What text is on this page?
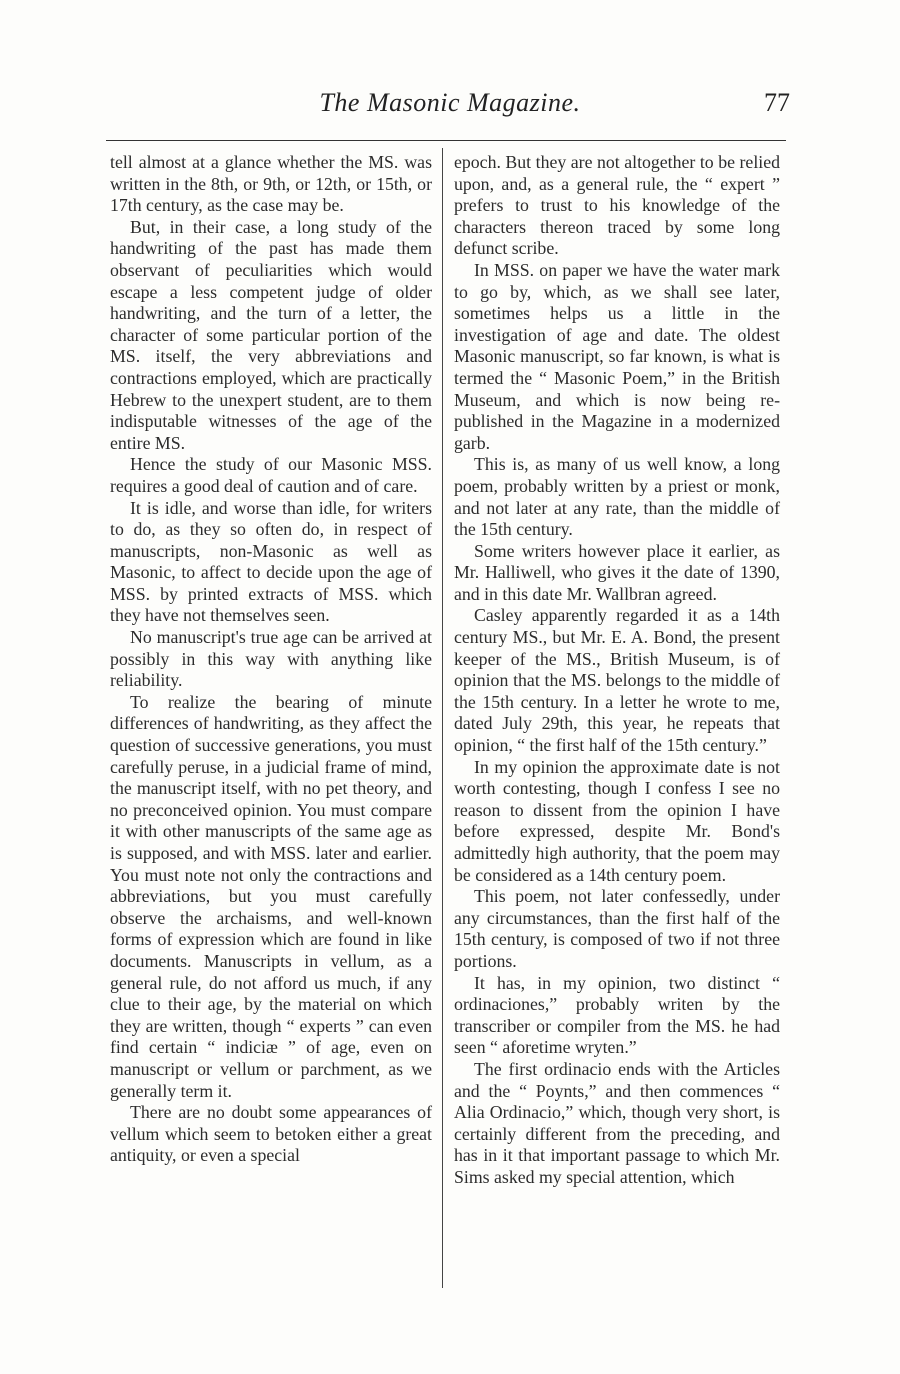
The Masonic Magazine.	77

tell almost at a glance whether the MS. was written in the 8th, or 9th, or 12th, or 15th, or 17th century, as the case may be.

But, in their case, a long study of the handwriting of the past has made them observant of peculiarities which would escape a less competent judge of older handwriting, and the turn of a letter, the character of some particular portion of the MS. itself, the very abbreviations and contractions employed, which are practically Hebrew to the unexpert student, are to them indisputable witnesses of the age of the entire MS.

Hence the study of our Masonic MSS. requires a good deal of caution and of care.

It is idle, and worse than idle, for writers to do, as they so often do, in respect of manuscripts, non-Masonic as well as Masonic, to affect to decide upon the age of MSS. by printed extracts of MSS. which they have not themselves seen.

No manuscript's true age can be arrived at possibly in this way with anything like reliability.

To realize the bearing of minute differences of handwriting, as they affect the question of successive generations, you must carefully peruse, in a judicial frame of mind, the manuscript itself, with no pet theory, and no preconceived opinion. You must compare it with other manuscripts of the same age as is supposed, and with MSS. later and earlier. You must note not only the contractions and abbreviations, but you must carefully observe the archaisms, and well-known forms of expression which are found in like documents. Manuscripts in vellum, as a general rule, do not afford us much, if any clue to their age, by the material on which they are written, though “ experts ” can even find certain “ indiciæ ” of age, even on manuscript or vellum or parchment, as we generally term it.

There are no doubt some appearances of vellum which seem to betoken either a great antiquity, or even a special

epoch. But they are not altogether to be relied upon, and, as a general rule, the “ expert ” prefers to trust to his knowledge of the characters thereon traced by some long defunct scribe.

In MSS. on paper we have the water mark to go by, which, as we shall see later, sometimes helps us a little in the investigation of age and date. The oldest Masonic manuscript, so far known, is what is termed the “ Masonic Poem,” in the British Museum, and which is now being re-published in the Magazine in a modernized garb.

This is, as many of us well know, a long poem, probably written by a priest or monk, and not later at any rate, than the middle of the 15th century.

Some writers however place it earlier, as Mr. Halliwell, who gives it the date of 1390, and in this date Mr. Wallbran agreed.

Casley apparently regarded it as a 14th century MS., but Mr. E. A. Bond, the present keeper of the MS., British Museum, is of opinion that the MS. belongs to the middle of the 15th century. In a letter he wrote to me, dated July 29th, this year, he repeats that opinion, “ the first half of the 15th century.”

In my opinion the approximate date is not worth contesting, though I confess I see no reason to dissent from the opinion I have before expressed, despite Mr. Bond's admittedly high authority, that the poem may be considered as a 14th century poem.

This poem, not later confessedly, under any circumstances, than the first half of the 15th century, is composed of two if not three portions.

It has, in my opinion, two distinct “ ordinaciones,” probably writen by the transcriber or compiler from the MS. he had seen “ aforetime wryten.”

The first ordinacio ends with the Articles and the “ Poynts,” and then commences “ Alia Ordinacio,” which, though very short, is certainly different from the preceding, and has in it that important passage to which Mr. Sims asked my special attention, which
